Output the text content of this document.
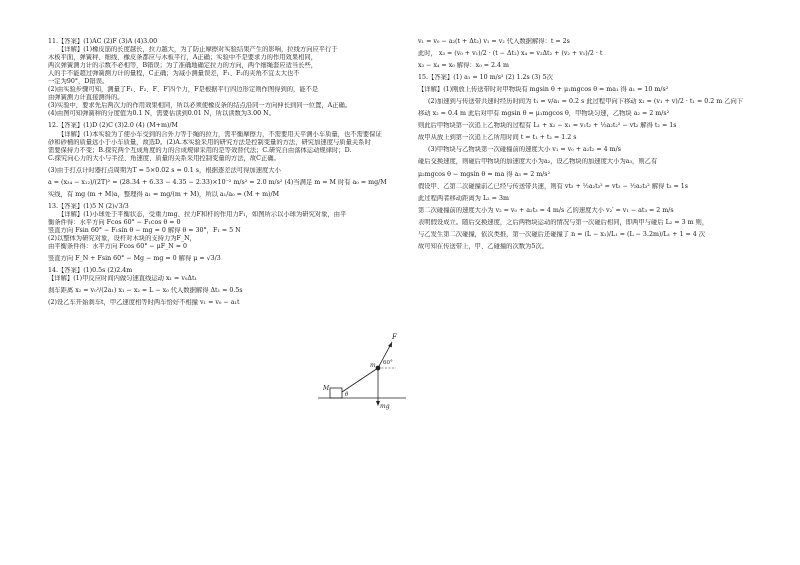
11.【答案】(1)AC (2)F (3)A (4)3.00

【详解】(1)橡皮筋的长度越长，拉力越大，为了防止摩擦对实验结果产生的影响，拉线方向应平行于

木板平面，弹簧秤、细线、橡皮条都应与木板平行，A正确；实验中不是要求力的作用效果相同，

两次弹簧测力计的示数不必相等，B错误；为了准确地确定拉力的方向，两个细绳套应适当长些，

人的手不能超过弹簧测力计的量程，C正确；为减小测量误差，F₁、F₂的夹角不宜太大也不

一定为90°，D错误。

(2)由实验步骤可知，测量了F₁、F₂、F、F′四个力，F是根据平行四边形定则作图得到的，能不是

由弹簧测力计直接测得的。

(3)实验中，要求先后两次力的作用效果相同，所以必须使橡皮条的结点沿同一方向伸长到同一位置，A正确。

(4)由图可知弹簧秤的分度值为0.1 N，需要估读到0.01 N，所以读数为3.00 N。

12.【答案】(1)D (2)C (3)2.0 (4) (M+m)/M

【详解】(1)本实验为了使小车受到的合外力等于绳的拉力，需平衡摩擦力，不需要用天平测小车质量，也不需要保证

砂和砂桶的质量远小于小车质量，故选D。(2)A.本实验采用的研究方法是控制变量的方法，研究加速度与质量关系时

需要保持力不变；B.探究两个互成角度的力的合成规律采用的是等效替代法；C.研究自由落体运动规律时；D.

C.探究向心力的大小与半径、角速度、质量的关系采用控制变量的方法，故C正确。

(3)由于打点计时器打点周期为T = 5×0.02 s = 0.1 s，根据逐差法可得加速度大小

a = (x₃₄ − x₁₂)/(2T)² = (28.34 + 6.33 − 4.35 − 2.33)×10⁻² m/s² = 2.0 m/s² (4)当满足 m = M 时有 a₀ = mg/M

实线，有 mg (m + M)a，整理得 a₁ = mg/(m + M)，所以 a₁/a₀ = (M + m)/M

13.【答案】(1)5 N (2)√3/3

【详解】(1)小球处于平衡状态，受重力mg、拉力F和杆的作用力F₁，如图所示以小球为研究对象，由平

衡条件得：水平方向 Fcos 60° − F₁cos θ = 0

竖直方向 Fsin 60° − F₁sin θ − mg = 0 解得 θ = 30°，F₁ = 5 N

(2)以整体为研究对象，设杆对木块的支持力为F_N，

由平衡条件得：水平方向 Fcos 60° − μF_N = 0

竖直方向 F_N + Fsin 60° − Mg − mg = 0 解得 μ = √3/3

14.【答案】(1)0.5s (2)2.4m

【详解】(1)甲反应时间内做匀速直线运动 x₁ = v₀Δt₁

刹车距离 x₂ = v₀²/(2a₁) x₁ − x₂ = L − x₀ 代入数据解得 Δt₁ = 0.5s

(2)设乙车开始刹车t，甲乙速度相等时两车恰好不相撞 v₁ = v₀ − a₁t

F
60°
m
M
θ
mg

v₁ = v₀ − a₂(t + Δt₂) v₁ = v₂ 代入数据解得：t = 2s

此时， x₃ = (v₀ + v₁)/2 · (t − Δt₂) x₄ = v₂Δt₂ + (v₂ + v₁)/2 · t

x₃ − x₄ = x₀ 解得：x₀ = 2.4 m

15.【答案】(1) a₁ = 10 m/s² (2) 1.2s (3) 5次

【详解】(1)刚放上传送带时对甲物块有 mgsin θ + μ₁mgcos θ = ma₁ 得 a₁ = 10 m/s²

(2)加速到与传送带共速时经历时间为 t₁ = v/a₁ = 0.2 s 此过程甲向下移动 x₁ = (v₁ + v)/2 · t₁ = 0.2 m 乙向下

移动 x₂ = 0.4 m 此后对甲有 mgsin θ = μ₁mgcos θ，甲物块匀速，乙物块 a₂ = 2 m/s²

则此后甲物块第一次追上乙物块的过程有 L₁ + x₂ − x₁ = v₁t₂ + ½a₂t₂² − vt₂ 解得 t₂ = 1s

故甲从放上到第一次追上乙所用时间 t = t₁ + t₂ = 1.2 s

(3)甲物块与乙物块第一次碰撞前的速度大小 v₁ = v₀ + a₂t₂ = 4 m/s

碰后交换速度，则碰后甲物块的加速度大小为a₂，设乙物块的加速度大小为a₃，则乙有

μ₂mgcos θ − mgsin θ = ma 得 a₃ = 2 m/s²

假设甲、乙第二次碰撞前乙已经与传送带共速，则有 vt₃ + ½a₂t₃² = vt₃ − ½a₂t₃² 解得 t₃ = 1s

此过程两者移动距离为 L₂ = 3m

第二次碰撞前的速度大小为 v₂ = v₀ + a₂t₃ = 4 m/s 乙的速度大小 v₂′ = v₁ − at₃ = 2 m/s

表明假设成立。随后交换速度，之后两物块运动的情况与第一次碰后相同，即两甲与碰后 L₂ = 3 m 则，

与乙发生第二次碰撞，依次类推，第一次碰后还碰撞了 n = (L − x₁)/L₁ = (L − 3.2m)/L₁ + 1 = 4 次

故可知在传送带上，甲、乙碰撞的次数为5次。
